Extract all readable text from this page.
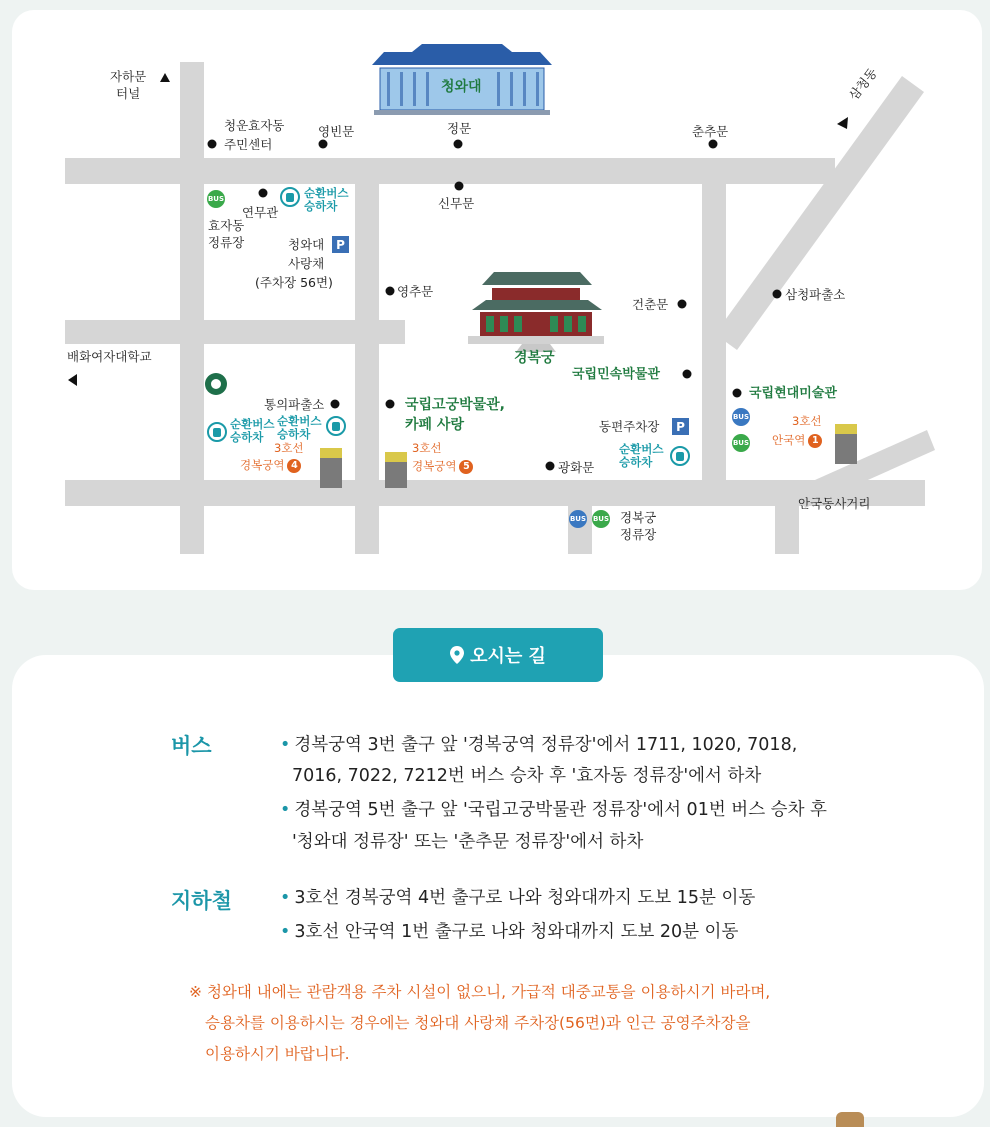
청와대
경복궁
국립민속박물관
국립고궁박물관,
카페 사랑
국립현대미술관
자하문
터널
청운효자동
주민센터
영빈문	정문	춘추문
삼청동
연무관
신무문
효자동
정류장	청와대
사랑채
(주차장 56면)
영추문
건춘문
삼청파출소
배화여자대학교
통의파출소
동편주차장
광화문
안국동사거리
경복궁
정류장
BUS
BUS
BUS
BUS BUS
P
P
순환버스
승하차
순환버스
승하차
순환버스
승하차
순환버스
승하차
3호선
경복궁역 4
3호선
경복궁역 5
3호선
안국역 1
오시는 길
버스	• 경복궁역 3번 출구 앞 '경복궁역 정류장'에서 1711, 1020, 7018,
7016, 7022, 7212번 버스 승차 후 '효자동 정류장'에서 하차
• 경복궁역 5번 출구 앞 '국립고궁박물관 정류장'에서 01번 버스 승차 후
'청와대 정류장' 또는 '춘추문 정류장'에서 하차
지하철	• 3호선 경복궁역 4번 출구로 나와 청와대까지 도보 15분 이동
• 3호선 안국역 1번 출구로 나와 청와대까지 도보 20분 이동
※ 청와대 내에는 관람객용 주차 시설이 없으니, 가급적 대중교통을 이용하시기 바라며,
승용차를 이용하시는 경우에는 청와대 사랑채 주차장(56면)과 인근 공영주차장을
이용하시기 바랍니다.
